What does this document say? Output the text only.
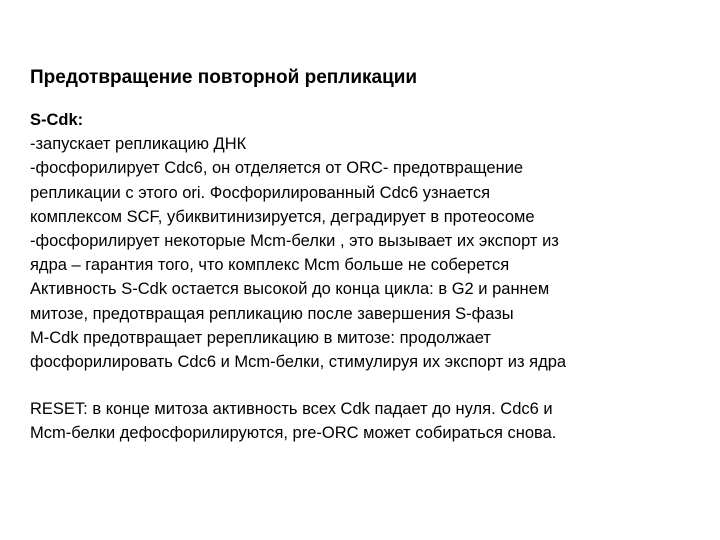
Предотвращение повторной репликации
S-Cdk:
-запускает репликацию ДНК
-фосфорилирует Cdc6, он отделяется от ORC- предотвращение
репликации с этого ori. Фосфорилированный Cdc6 узнается
комплексом SCF, убиквитинизируется, деградирует в протеосоме
-фосфорилирует некоторые Mcm-белки , это вызывает их экспорт из
ядра – гарантия того, что комплекс Mcm больше не соберется
Активность S-Cdk остается высокой до конца цикла: в G2 и раннем
митозе, предотвращая репликацию после завершения S-фазы
M-Cdk предотвращает ререпликацию в митозе: продолжает
фосфорилировать Cdc6 и Mcm-белки, стимулируя их экспорт из ядра
RESET: в конце митоза активность всех Cdk падает до нуля. Cdc6 и
Mcm-белки дефосфорилируются, pre-ORC может собираться снова.
